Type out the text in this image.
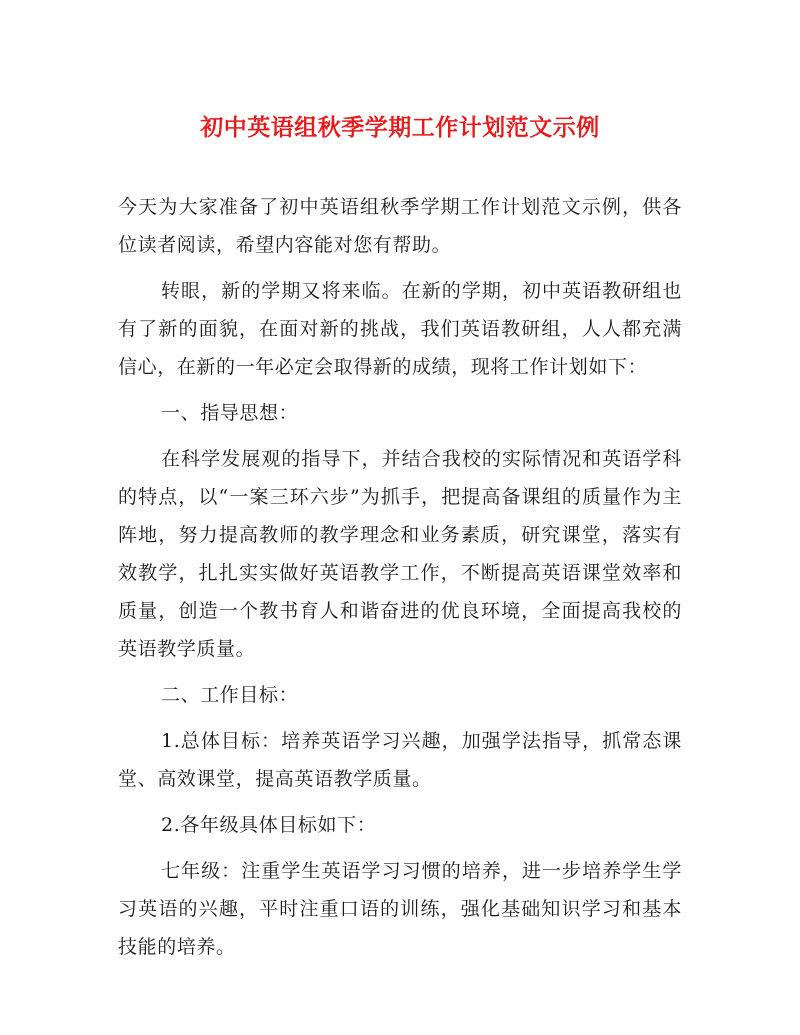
初中英语组秋季学期工作计划范文示例

今天为大家准备了初中英语组秋季学期工作计划范文示例，供各位读者阅读，希望内容能对您有帮助。

转眼，新的学期又将来临。在新的学期，初中英语教研组也有了新的面貌，在面对新的挑战，我们英语教研组，人人都充满信心，在新的一年必定会取得新的成绩，现将工作计划如下：

一、指导思想：

在科学发展观的指导下，并结合我校的实际情况和英语学科的特点，以“一案三环六步”为抓手，把提高备课组的质量作为主阵地，努力提高教师的教学理念和业务素质，研究课堂，落实有效教学，扎扎实实做好英语教学工作，不断提高英语课堂效率和质量，创造一个教书育人和谐奋进的优良环境，全面提高我校的英语教学质量。

二、工作目标：

1.总体目标：培养英语学习兴趣，加强学法指导，抓常态课堂、高效课堂，提高英语教学质量。

2.各年级具体目标如下：

七年级：注重学生英语学习习惯的培养，进一步培养学生学习英语的兴趣，平时注重口语的训练，强化基础知识学习和基本技能的培养。
